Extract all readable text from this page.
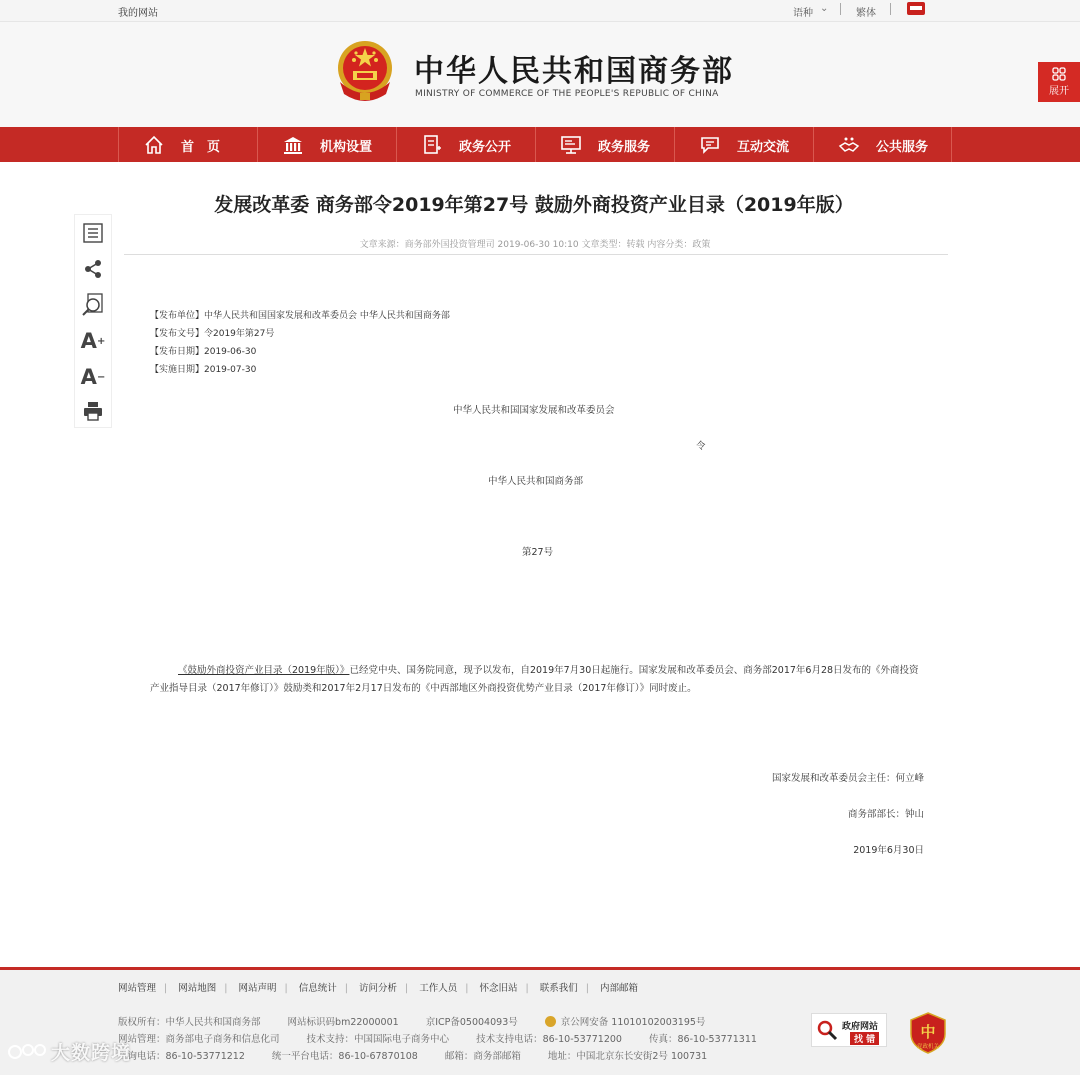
我的网站	语种 ⌄	繁体
中华人民共和国商务部
MINISTRY OF COMMERCE OF THE PEOPLE'S REPUBLIC OF CHINA	展开
首　页	机构设置	政务公开	政务服务	互动交流	公共服务
A +
A −
发展改革委 商务部令2019年第27号 鼓励外商投资产业目录（2019年版）
文章来源：商务部外国投资管理司 2019-06-30 10:10 文章类型：转载 内容分类：政策
【发布单位】中华人民共和国国家发展和改革委员会 中华人民共和国商务部
【发布文号】令2019年第27号
【发布日期】2019-06-30
【实施日期】2019-07-30
中华人民共和国国家发展和改革委员会
令
中华人民共和国商务部
第27号
《鼓励外商投资产业目录（2019年版）》已经党中央、国务院同意，现予以发布，自2019年7月30日起施行。国家发展和改革委员会、商务部2017年6月28日发布的《外商投资产业指导目录（2017年修订）》鼓励类和2017年2月17日发布的《中西部地区外商投资优势产业目录（2017年修订）》同时废止。
国家发展和改革委员会主任：何立峰
商务部部长：钟山
2019年6月30日
网站管理 | 网站地图 | 网站声明 | 信息统计 | 访问分析 | 工作人员 | 怀念旧站 | 联系我们 | 内部邮箱
版权所有：中华人民共和国商务部	网站标识码bm22000001	京ICP备05004093号	京公网安备 11010102003195号
网站管理：商务部电子商务和信息化司	技术支持：中国国际电子商务中心	技术支持电话：86-10-53771200	传真：86-10-53771311
咨询电话：86-10-53771212	统一平台电话：86-10-67870108	邮箱：商务部邮箱	地址：中国北京东长安街2号 100731
政府网站
找 错	中
党政机关
大数跨境
